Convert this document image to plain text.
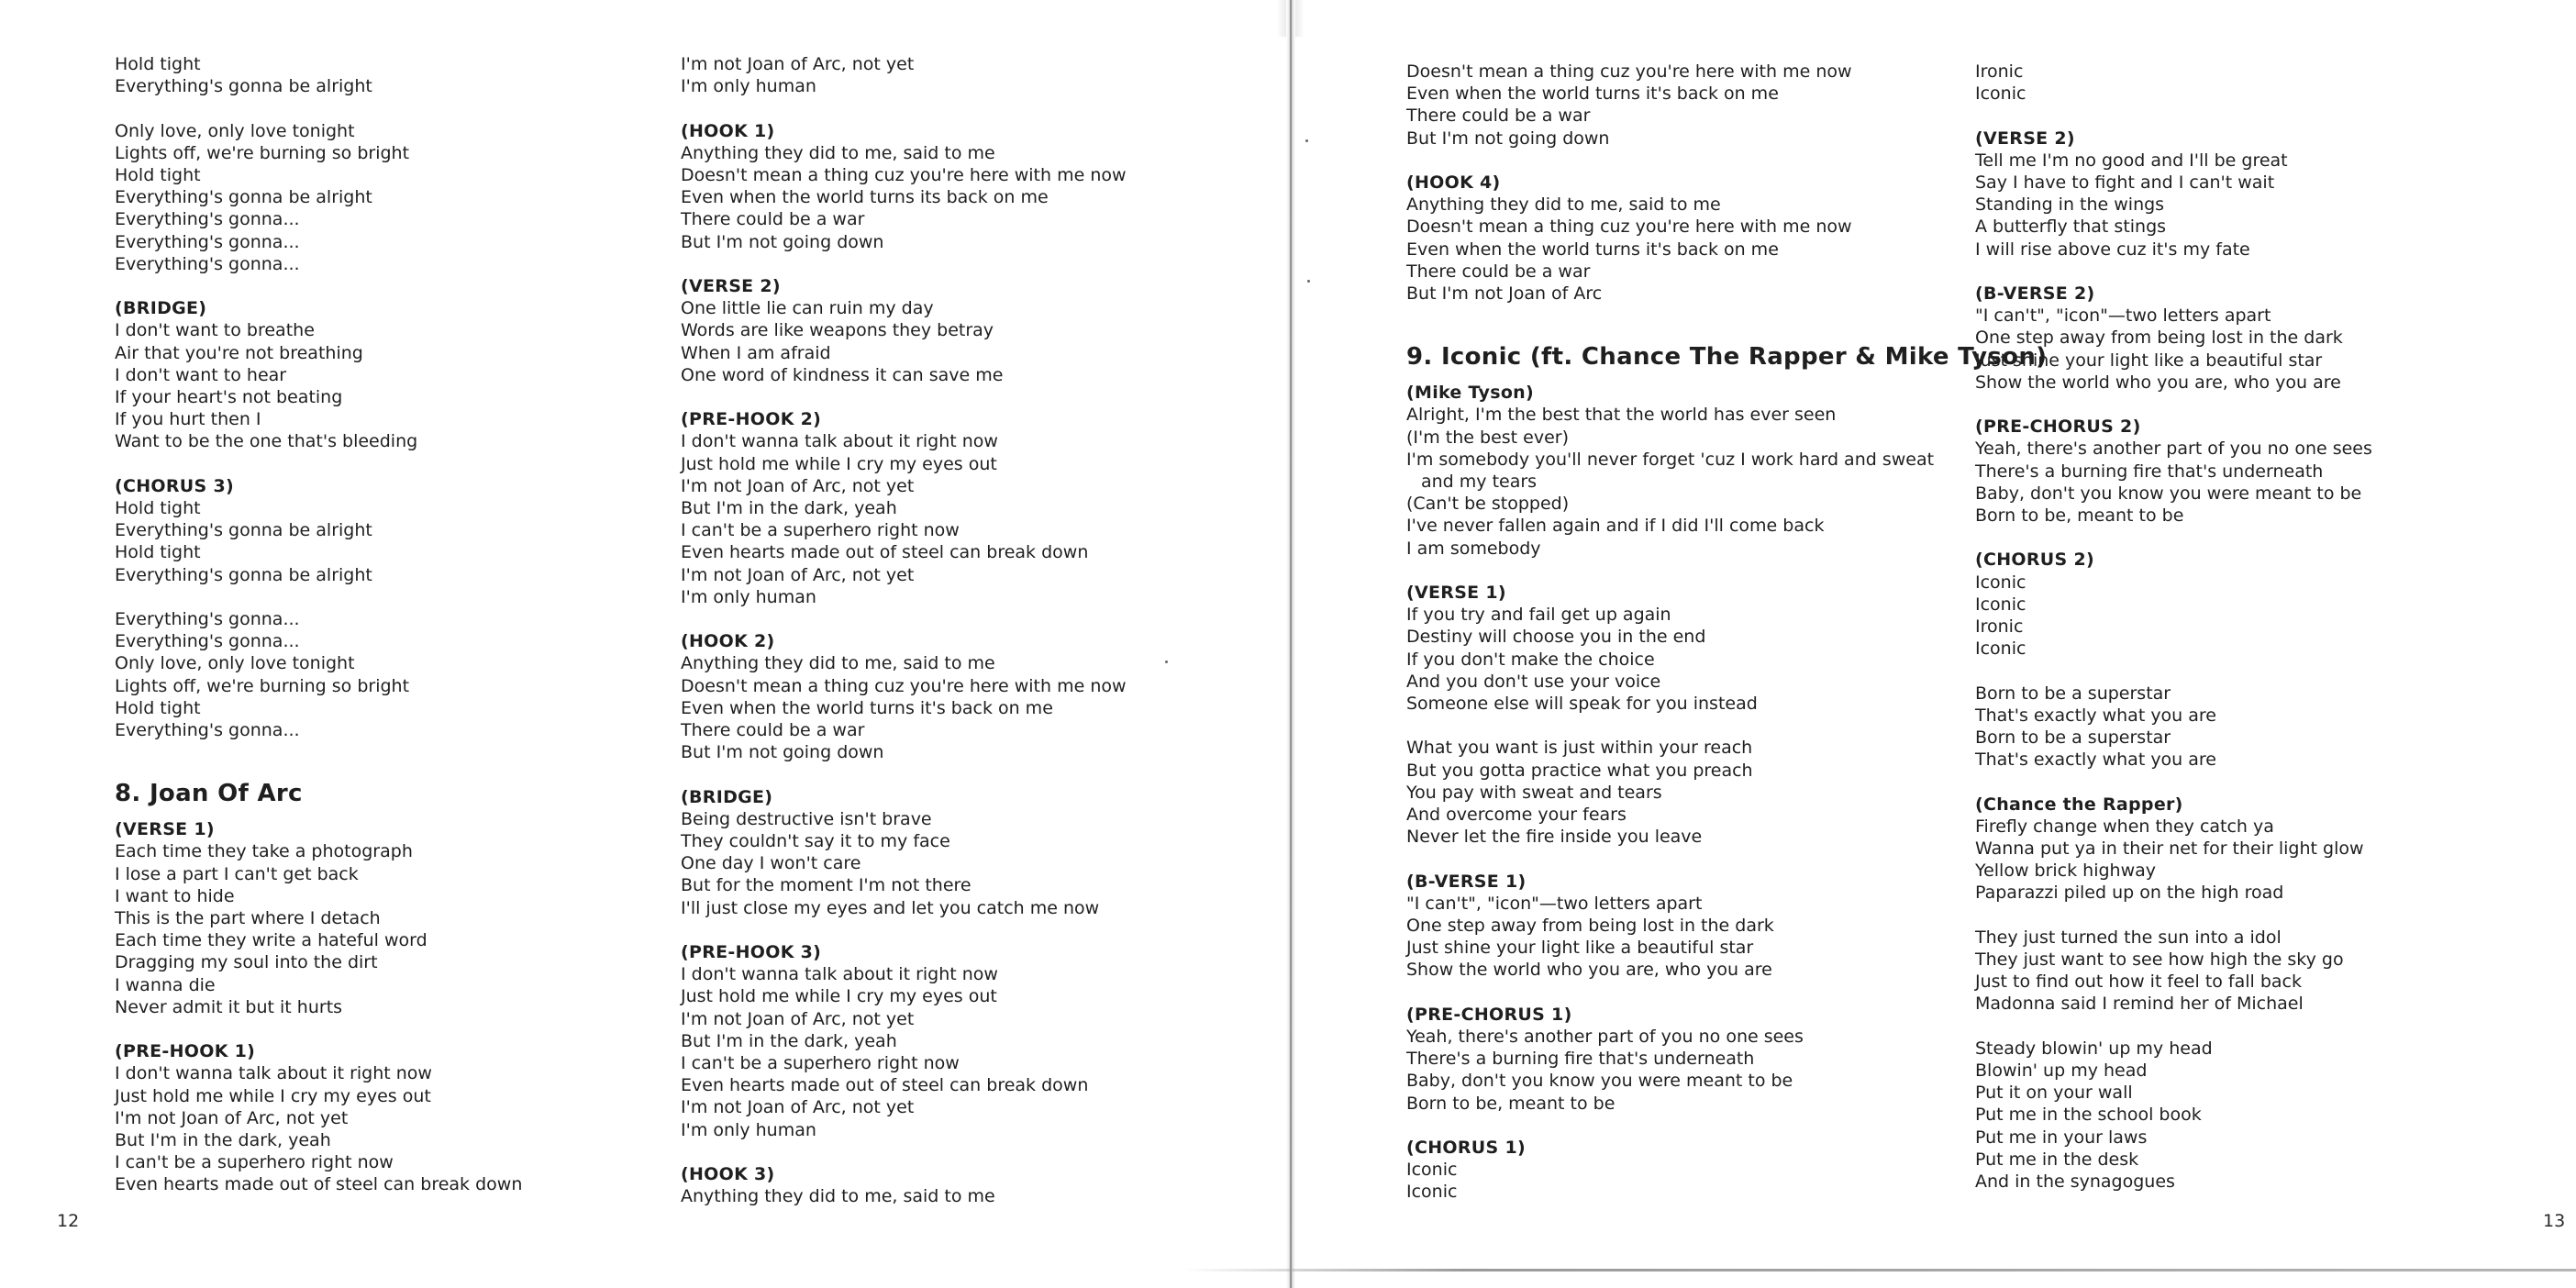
Hold tight
Everything's gonna be alright
Only love, only love tonight
Lights off, we're burning so bright
Hold tight
Everything's gonna be alright
Everything's gonna...
Everything's gonna...
Everything's gonna...
(BRIDGE)
I don't want to breathe
Air that you're not breathing
I don't want to hear
If your heart's not beating
If you hurt then I
Want to be the one that's bleeding
(CHORUS 3)
Hold tight
Everything's gonna be alright
Hold tight
Everything's gonna be alright
Everything's gonna...
Everything's gonna...
Only love, only love tonight
Lights off, we're burning so bright
Hold tight
Everything's gonna...
8. Joan Of Arc
(VERSE 1)
Each time they take a photograph
I lose a part I can't get back
I want to hide
This is the part where I detach
Each time they write a hateful word
Dragging my soul into the dirt
I wanna die
Never admit it but it hurts
(PRE-HOOK 1)
I don't wanna talk about it right now
Just hold me while I cry my eyes out
I'm not Joan of Arc, not yet
But I'm in the dark, yeah
I can't be a superhero right now
Even hearts made out of steel can break down
I'm not Joan of Arc, not yet
I'm only human
(HOOK 1)
Anything they did to me, said to me
Doesn't mean a thing cuz you're here with me now
Even when the world turns its back on me
There could be a war
But I'm not going down
(VERSE 2)
One little lie can ruin my day
Words are like weapons they betray
When I am afraid
One word of kindness it can save me
(PRE-HOOK 2)
I don't wanna talk about it right now
Just hold me while I cry my eyes out
I'm not Joan of Arc, not yet
But I'm in the dark, yeah
I can't be a superhero right now
Even hearts made out of steel can break down
I'm not Joan of Arc, not yet
I'm only human
(HOOK 2)
Anything they did to me, said to me
Doesn't mean a thing cuz you're here with me now
Even when the world turns it's back on me
There could be a war
But I'm not going down
(BRIDGE)
Being destructive isn't brave
They couldn't say it to my face
One day I won't care
But for the moment I'm not there
I'll just close my eyes and let you catch me now
(PRE-HOOK 3)
I don't wanna talk about it right now
Just hold me while I cry my eyes out
I'm not Joan of Arc, not yet
But I'm in the dark, yeah
I can't be a superhero right now
Even hearts made out of steel can break down
I'm not Joan of Arc, not yet
I'm only human
(HOOK 3)
Anything they did to me, said to me
12
Doesn't mean a thing cuz you're here with me now
Even when the world turns it's back on me
There could be a war
But I'm not going down
(HOOK 4)
Anything they did to me, said to me
Doesn't mean a thing cuz you're here with me now
Even when the world turns it's back on me
There could be a war
But I'm not Joan of Arc
9. Iconic (ft. Chance The Rapper & Mike Tyson)
(Mike Tyson)
Alright, I'm the best that the world has ever seen
(I'm the best ever)
I'm somebody you'll never forget 'cuz I work hard and sweat
and my tears
(Can't be stopped)
I've never fallen again and if I did I'll come back
I am somebody
(VERSE 1)
If you try and fail get up again
Destiny will choose you in the end
If you don't make the choice
And you don't use your voice
Someone else will speak for you instead
What you want is just within your reach
But you gotta practice what you preach
You pay with sweat and tears
And overcome your fears
Never let the fire inside you leave
(B-VERSE 1)
"I can't", "icon"—two letters apart
One step away from being lost in the dark
Just shine your light like a beautiful star
Show the world who you are, who you are
(PRE-CHORUS 1)
Yeah, there's another part of you no one sees
There's a burning fire that's underneath
Baby, don't you know you were meant to be
Born to be, meant to be
(CHORUS 1)
Iconic
Iconic
Ironic
Iconic
(VERSE 2)
Tell me I'm no good and I'll be great
Say I have to fight and I can't wait
Standing in the wings
A butterfly that stings
I will rise above cuz it's my fate
(B-VERSE 2)
"I can't", "icon"—two letters apart
One step away from being lost in the dark
Just shine your light like a beautiful star
Show the world who you are, who you are
(PRE-CHORUS 2)
Yeah, there's another part of you no one sees
There's a burning fire that's underneath
Baby, don't you know you were meant to be
Born to be, meant to be
(CHORUS 2)
Iconic
Iconic
Ironic
Iconic
Born to be a superstar
That's exactly what you are
Born to be a superstar
That's exactly what you are
(Chance the Rapper)
Firefly change when they catch ya
Wanna put ya in their net for their light glow
Yellow brick highway
Paparazzi piled up on the high road
They just turned the sun into a idol
They just want to see how high the sky go
Just to find out how it feel to fall back
Madonna said I remind her of Michael
Steady blowin' up my head
Blowin' up my head
Put it on your wall
Put me in the school book
Put me in your laws
Put me in the desk
And in the synagogues
13
